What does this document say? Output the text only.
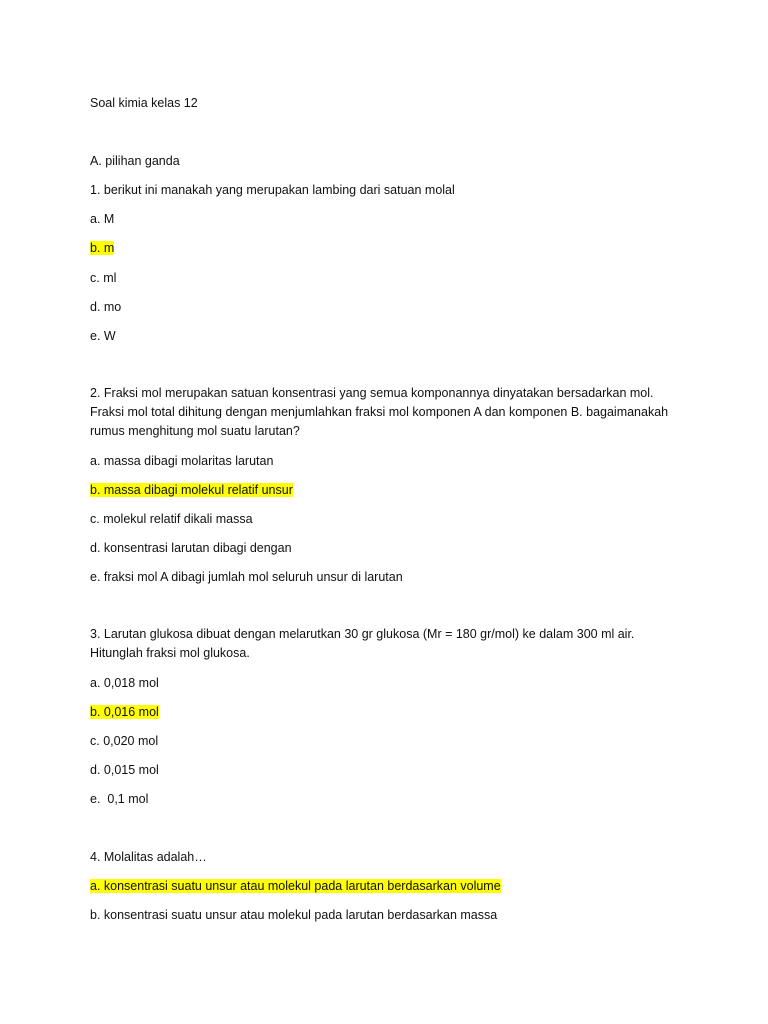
Soal kimia kelas 12
A. pilihan ganda
1. berikut ini manakah yang merupakan lambing dari satuan molal
a. M
b. m
c. ml
d. mo
e. W
2. Fraksi mol merupakan satuan konsentrasi yang semua komponannya dinyatakan bersadarkan mol. Fraksi mol total dihitung dengan menjumlahkan fraksi mol komponen A dan komponen B. bagaimanakah rumus menghitung mol suatu larutan?
a. massa dibagi molaritas larutan
b. massa dibagi molekul relatif unsur
c. molekul relatif dikali massa
d. konsentrasi larutan dibagi dengan
e. fraksi mol A dibagi jumlah mol seluruh unsur di larutan
3. Larutan glukosa dibuat dengan melarutkan 30 gr glukosa (Mr = 180 gr/mol) ke dalam 300 ml air. Hitunglah fraksi mol glukosa.
a. 0,018 mol
b. 0,016 mol
c. 0,020 mol
d. 0,015 mol
e.  0,1 mol
4. Molalitas adalah…
a. konsentrasi suatu unsur atau molekul pada larutan berdasarkan volume
b. konsentrasi suatu unsur atau molekul pada larutan berdasarkan massa
